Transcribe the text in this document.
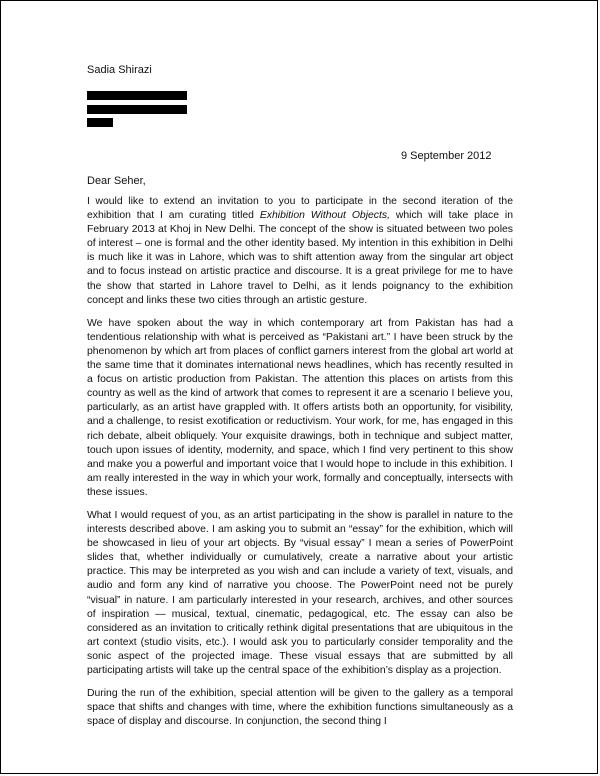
Sadia Shirazi
9 September 2012
Dear Seher,

I would like to extend an invitation to you to participate in the second iteration of the exhibition that I am curating titled Exhibition Without Objects, which will take place in February 2013 at Khoj in New Delhi. The concept of the show is situated between two poles of interest – one is formal and the other identity based. My intention in this exhibition in Delhi is much like it was in Lahore, which was to shift attention away from the singular art object and to focus instead on artistic practice and discourse. It is a great privilege for me to have the show that started in Lahore travel to Delhi, as it lends poignancy to the exhibition concept and links these two cities through an artistic gesture.

We have spoken about the way in which contemporary art from Pakistan has had a tendentious relationship with what is perceived as “Pakistani art.” I have been struck by the phenomenon by which art from places of conflict garners interest from the global art world at the same time that it dominates international news headlines, which has recently resulted in a focus on artistic production from Pakistan. The attention this places on artists from this country as well as the kind of artwork that comes to represent it are a scenario I believe you, particularly, as an artist have grappled with. It offers artists both an opportunity, for visibility, and a challenge, to resist exotification or reductivism. Your work, for me, has engaged in this rich debate, albeit obliquely. Your exquisite drawings, both in technique and subject matter, touch upon issues of identity, modernity, and space, which I find very pertinent to this show and make you a powerful and important voice that I would hope to include in this exhibition. I am really interested in the way in which your work, formally and conceptually, intersects with these issues.

What I would request of you, as an artist participating in the show is parallel in nature to the interests described above. I am asking you to submit an “essay” for the exhibition, which will be showcased in lieu of your art objects. By “visual essay” I mean a series of PowerPoint slides that, whether individually or cumulatively, create a narrative about your artistic practice. This may be interpreted as you wish and can include a variety of text, visuals, and audio and form any kind of narrative you choose. The PowerPoint need not be purely “visual” in nature. I am particularly interested in your research, archives, and other sources of inspiration — musical, textual, cinematic, pedagogical, etc. The essay can also be considered as an invitation to critically rethink digital presentations that are ubiquitous in the art context (studio visits, etc.). I would ask you to particularly consider temporality and the sonic aspect of the projected image. These visual essays that are submitted by all participating artists will take up the central space of the exhibition’s display as a projection.

During the run of the exhibition, special attention will be given to the gallery as a temporal space that shifts and changes with time, where the exhibition functions simultaneously as a space of display and discourse. In conjunction, the second thing I
